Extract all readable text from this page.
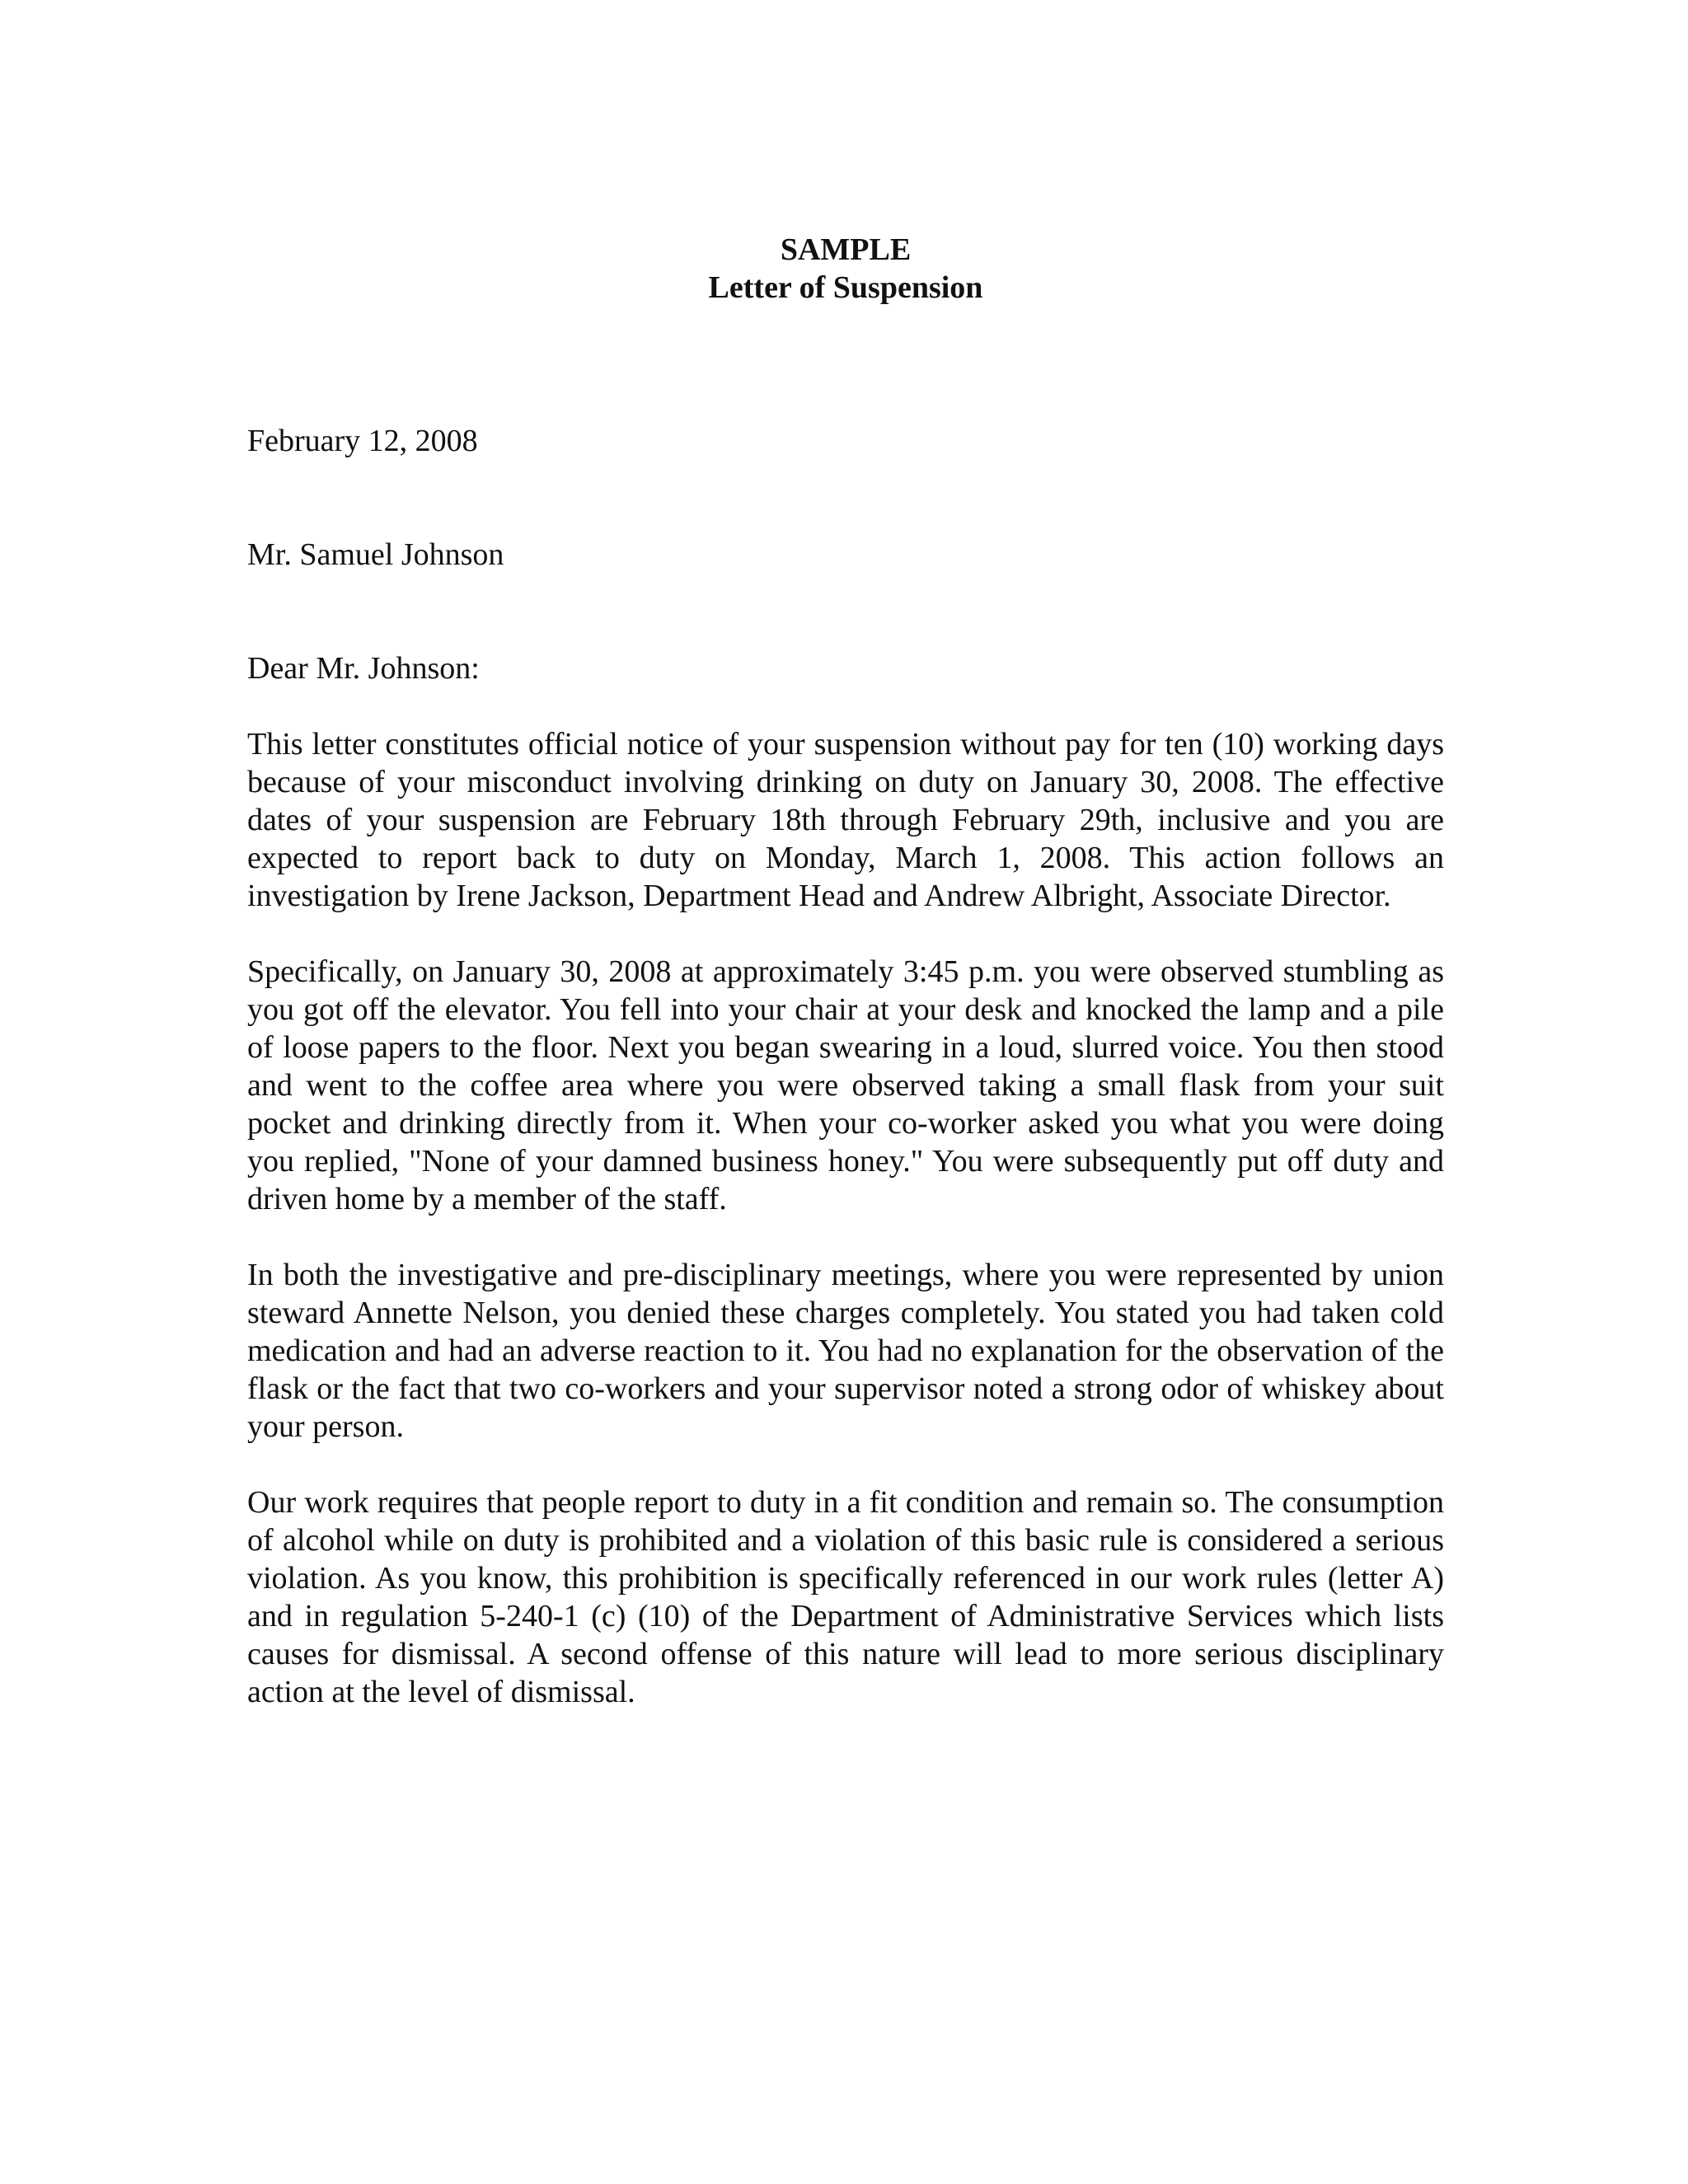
SAMPLE
Letter of Suspension
February 12, 2008
Mr. Samuel Johnson
Dear Mr. Johnson:

This letter constitutes official notice of your suspension without pay for ten (10) working days because of your misconduct involving drinking on duty on January 30, 2008. The effective dates of your suspension are February 18th through February 29th, inclusive and you are expected to report back to duty on Monday, March 1, 2008. This action follows an investigation by Irene Jackson, Department Head and Andrew Albright, Associate Director.

Specifically, on January 30, 2008 at approximately 3:45 p.m. you were observed stumbling as you got off the elevator. You fell into your chair at your desk and knocked the lamp and a pile of loose papers to the floor. Next you began swearing in a loud, slurred voice. You then stood and went to the coffee area where you were observed taking a small flask from your suit pocket and drinking directly from it. When your co-worker asked you what you were doing you replied, "None of your damned business honey." You were subsequently put off duty and driven home by a member of the staff.

In both the investigative and pre-disciplinary meetings, where you were represented by union steward Annette Nelson, you denied these charges completely. You stated you had taken cold medication and had an adverse reaction to it. You had no explanation for the observation of the flask or the fact that two co-workers and your supervisor noted a strong odor of whiskey about your person.

Our work requires that people report to duty in a fit condition and remain so. The consumption of alcohol while on duty is prohibited and a violation of this basic rule is considered a serious violation. As you know, this prohibition is specifically referenced in our work rules (letter A) and in regulation 5-240-1 (c) (10) of the Department of Administrative Services which lists causes for dismissal. A second offense of this nature will lead to more serious disciplinary action at the level of dismissal.
